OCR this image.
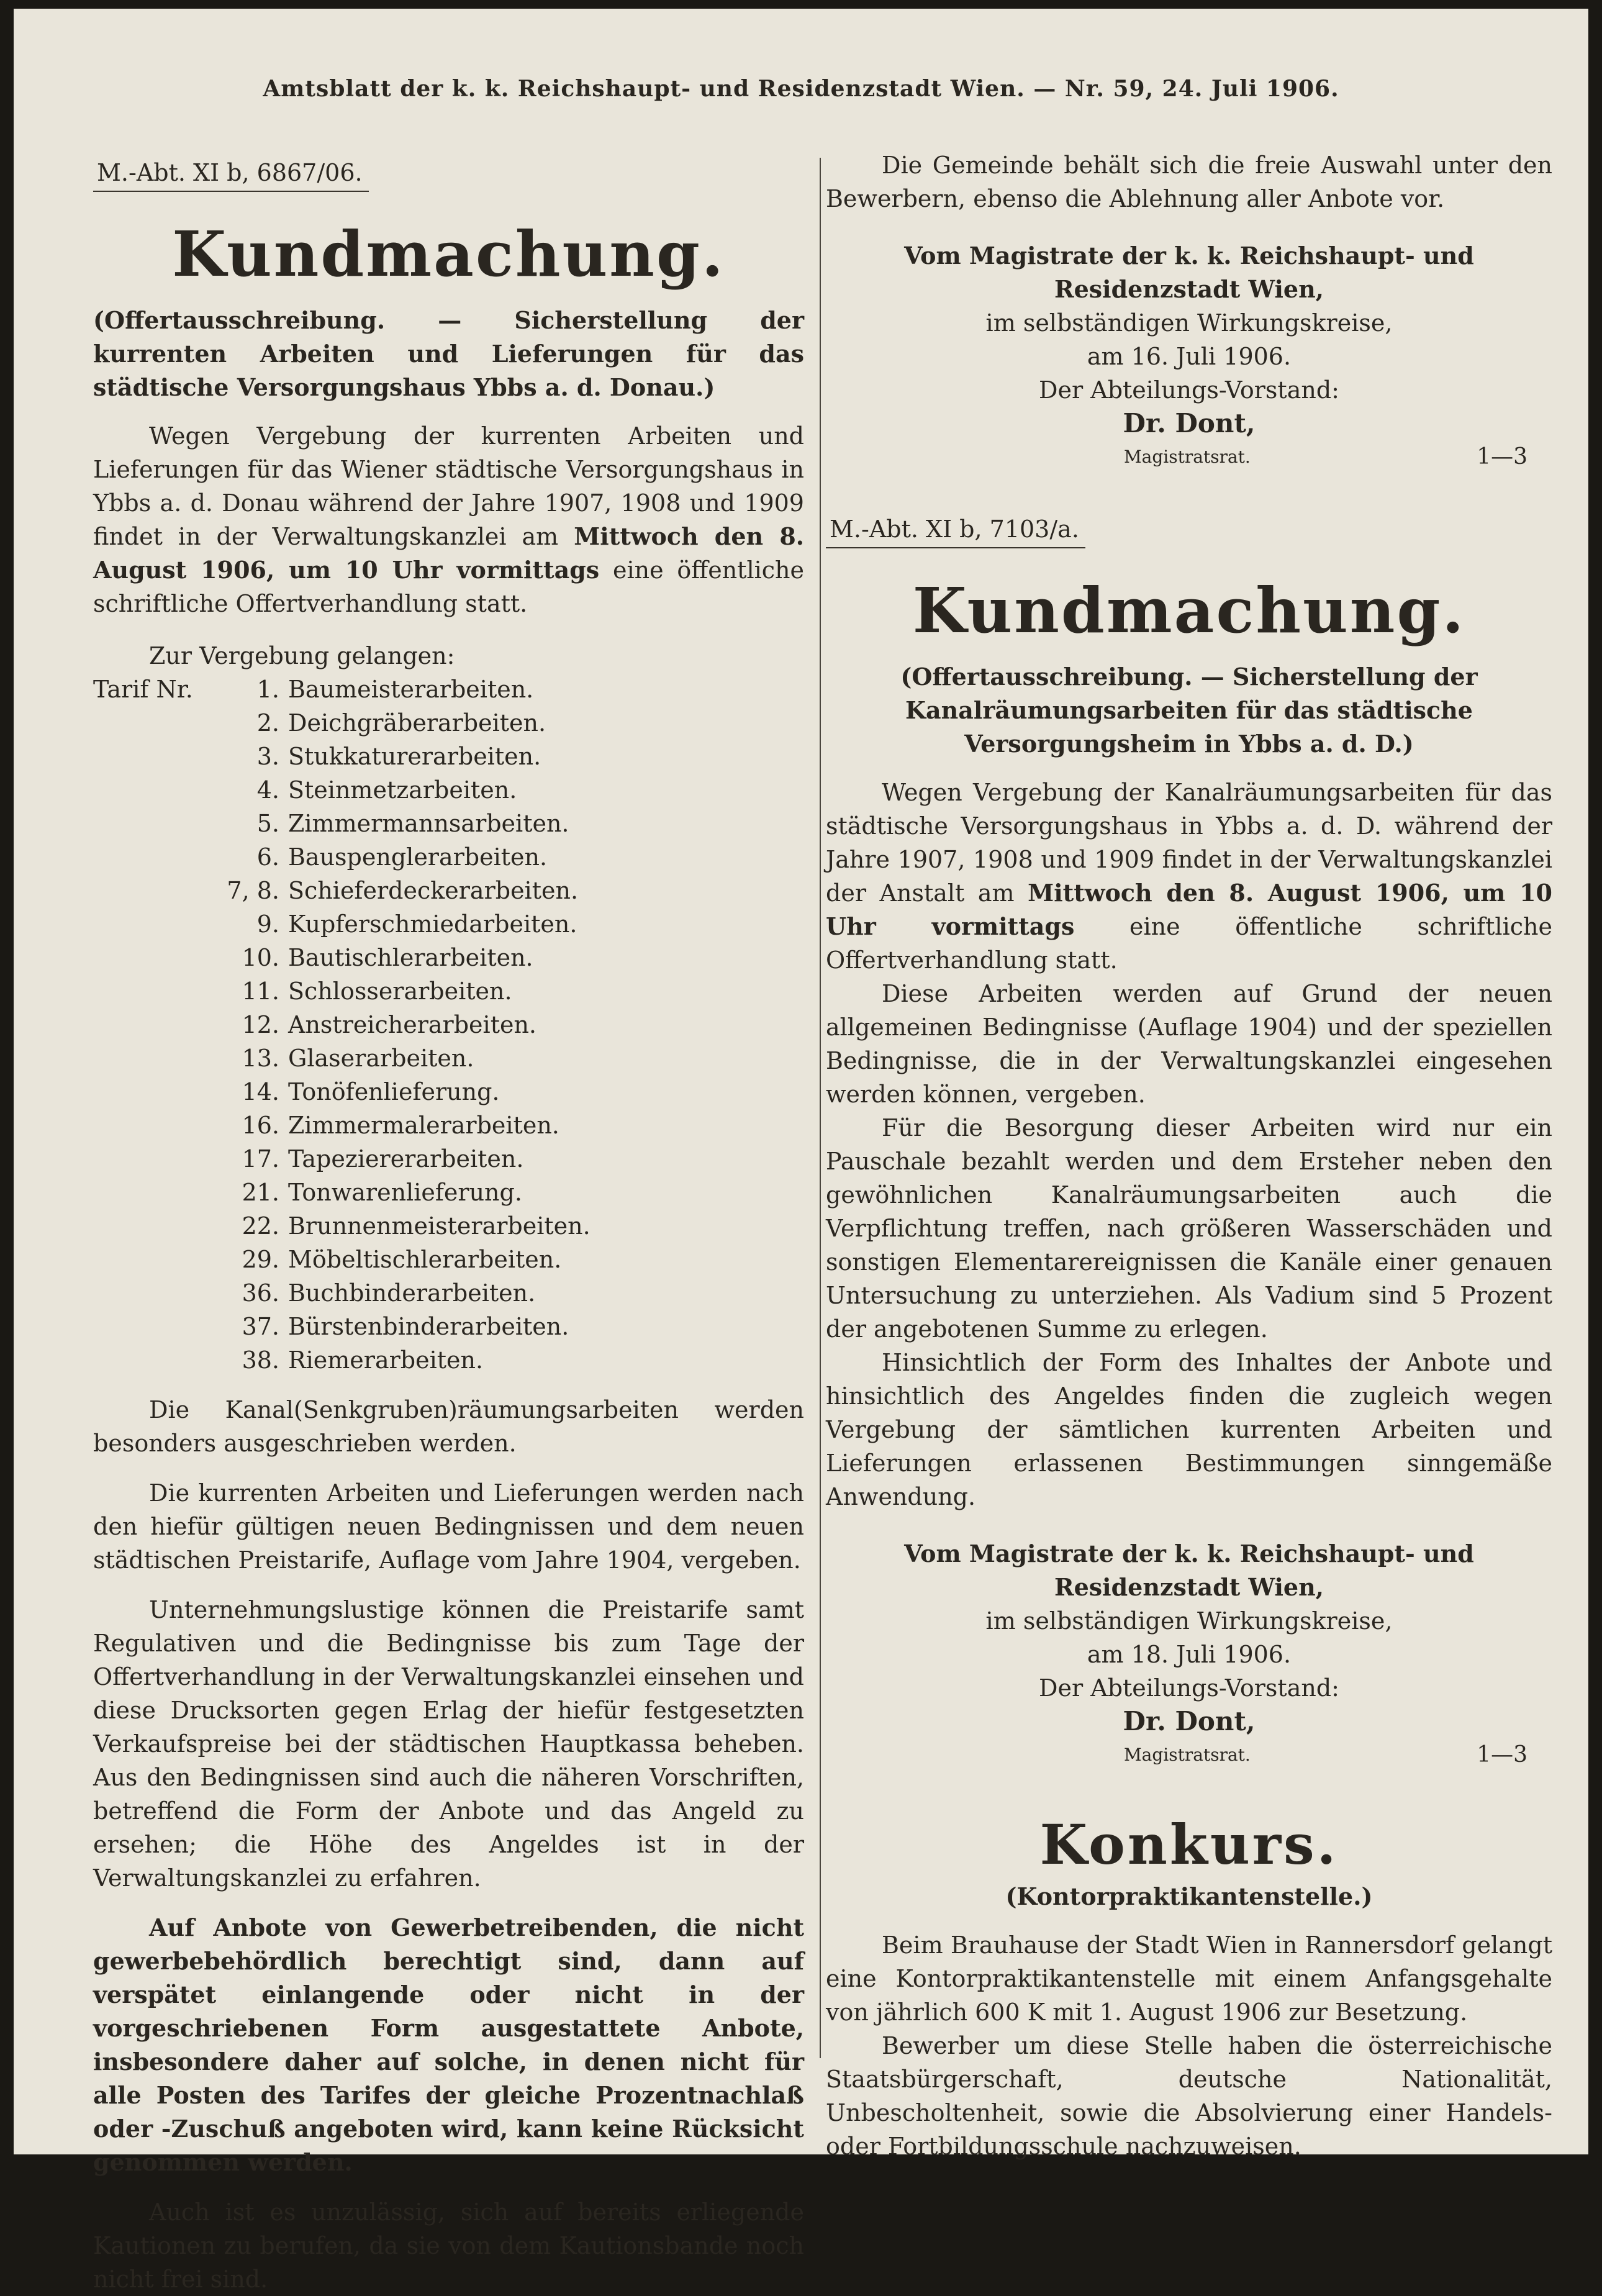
Amtsblatt der k. k. Reichshaupt- und Residenzstadt Wien. — Nr. 59, 24. Juli 1906.
M.-Abt. XI b, 6867/06.
Kundmachung.
(Offertausschreibung. — Sicherstellung der kurrenten Arbeiten und Lieferungen für das städtische Versorgungshaus Ybbs a. d. Donau.)

Wegen Vergebung der kurrenten Arbeiten und Lieferungen für das Wiener städtische Versorgungshaus in Ybbs a. d. Donau während der Jahre 1907, 1908 und 1909 findet in der Verwaltungskanzlei am Mittwoch den 8. August 1906, um 10 Uhr vormittags eine öffentliche schriftliche Offertverhandlung statt.

Zur Vergebung gelangen:

Tarif Nr.	1. Baumeisterarbeiten.
2. Deichgräberarbeiten.
3. Stukkaturerarbeiten.
4. Steinmetzarbeiten.
5. Zimmermannsarbeiten.
6. Bauspenglerarbeiten.
7, 8. Schieferdeckerarbeiten.
9. Kupferschmiedarbeiten.
10. Bautischlerarbeiten.
11. Schlosserarbeiten.
12. Anstreicherarbeiten.
13. Glaserarbeiten.
14. Tonöfenlieferung.
16. Zimmermalerarbeiten.
17. Tapeziererarbeiten.
21. Tonwarenlieferung.
22. Brunnenmeisterarbeiten.
29. Möbeltischlerarbeiten.
36. Buchbinderarbeiten.
37. Bürstenbinderarbeiten.
38. Riemerarbeiten.

Die Kanal(Senkgruben)räumungsarbeiten werden besonders ausgeschrieben werden.

Die kurrenten Arbeiten und Lieferungen werden nach den hiefür gültigen neuen Bedingnissen und dem neuen städtischen Preistarife, Auflage vom Jahre 1904, vergeben.

Unternehmungslustige können die Preistarife samt Regulativen und die Bedingnisse bis zum Tage der Offertverhandlung in der Verwaltungskanzlei einsehen und diese Drucksorten gegen Erlag der hiefür festgesetzten Verkaufspreise bei der städtischen Hauptkassa beheben. Aus den Bedingnissen sind auch die näheren Vorschriften, betreffend die Form der Anbote und das Angeld zu ersehen; die Höhe des Angeldes ist in der Verwaltungskanzlei zu erfahren.

Auf Anbote von Gewerbetreibenden, die nicht gewerbebehördlich berechtigt sind, dann auf verspätet einlangende oder nicht in der vorgeschriebenen Form ausgestattete Anbote, insbesondere daher auf solche, in denen nicht für alle Posten des Tarifes der gleiche Prozentnachlaß oder -Zuschuß angeboten wird, kann keine Rücksicht genommen werden.

Auch ist es unzulässig, sich auf bereits erliegende Kautionen zu berufen, da sie von dem Kautionsbande noch nicht frei sind.

Die Gemeinde behält sich die freie Auswahl unter den Bewerbern, ebenso die Ablehnung aller Anbote vor.

Vom Magistrate der k. k. Reichshaupt- und Residenzstadt Wien,
im selbständigen Wirkungskreise,
am 16. Juli 1906.
Der Abteilungs-Vorstand:
Dr. Dont,
Magistratsrat.	1—3
M.-Abt. XI b, 7103/a.
Kundmachung.
(Offertausschreibung. — Sicherstellung der Kanalräumungsarbeiten für das städtische Versorgungsheim in Ybbs a. d. D.)

Wegen Vergebung der Kanalräumungsarbeiten für das städtische Versorgungshaus in Ybbs a. d. D. während der Jahre 1907, 1908 und 1909 findet in der Verwaltungskanzlei der Anstalt am Mittwoch den 8. August 1906, um 10 Uhr vormittags eine öffentliche schriftliche Offertverhandlung statt.

Diese Arbeiten werden auf Grund der neuen allgemeinen Bedingnisse (Auflage 1904) und der speziellen Bedingnisse, die in der Verwaltungskanzlei eingesehen werden können, vergeben.

Für die Besorgung dieser Arbeiten wird nur ein Pauschale bezahlt werden und dem Ersteher neben den gewöhnlichen Kanalräumungsarbeiten auch die Verpflichtung treffen, nach größeren Wasserschäden und sonstigen Elementarereignissen die Kanäle einer genauen Untersuchung zu unterziehen. Als Vadium sind 5 Prozent der angebotenen Summe zu erlegen.

Hinsichtlich der Form des Inhaltes der Anbote und hinsichtlich des Angeldes finden die zugleich wegen Vergebung der sämtlichen kurrenten Arbeiten und Lieferungen erlassenen Bestimmungen sinngemäße Anwendung.

Vom Magistrate der k. k. Reichshaupt- und Residenzstadt Wien,
im selbständigen Wirkungskreise,
am 18. Juli 1906.
Der Abteilungs-Vorstand:
Dr. Dont,
Magistratsrat.	1—3
Konkurs.
(Kontorpraktikantenstelle.)

Beim Brauhause der Stadt Wien in Rannersdorf gelangt eine Kontorpraktikantenstelle mit einem Anfangsgehalte von jährlich 600 K mit 1. August 1906 zur Besetzung.

Bewerber um diese Stelle haben die österreichische Staatsbürgerschaft, deutsche Nationalität, Unbescholtenheit, sowie die Absolvierung einer Handels- oder Fortbildungsschule nachzuweisen.
